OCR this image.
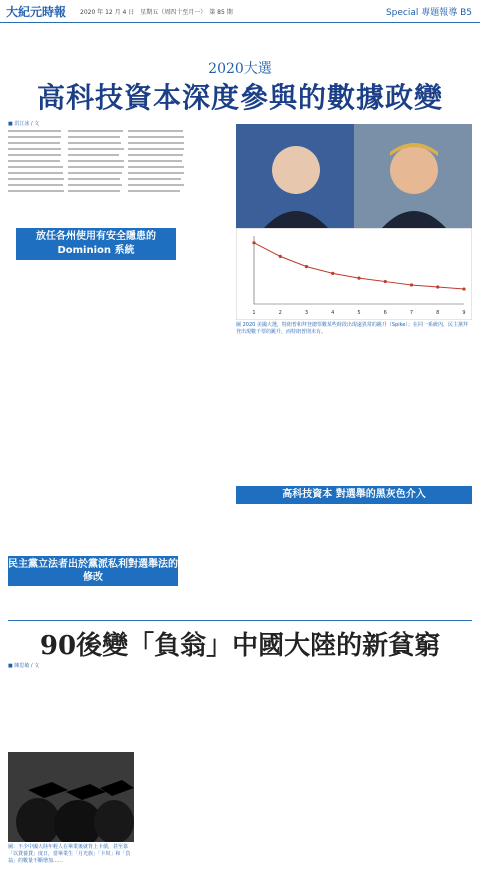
大紀元時報 2020 年 12 月 4 日　星期五（周四十至月一）　第 85 期	Special 專題報導 B5
2020大選
高科技資本深度參與的數據政變
■ 洪江冰 / 文
放任各州使用有安全隱患的 Dominion 系統
1	2	3	4	5	6	7	8	9
圖 2020 美國大選，特朗普和拜登總票數某些時段出現遠異常的跳升（Spike）；在同一系統內，民主黨拜登出現數千票的跳升，而特朗普則未有。
民主黨立法者出於黨派私利對選舉法的修改
高科技資本 對選舉的黑灰色介入
90後變「負翁」中國大陸的新貧窮
■ 陳思敏 / 文
圖：不少中國大陸年輕人在畢業後就背上卡債，甚至靠「以貸養貸」度日，當畢業生「月光族」「卡奴」和「負翁」的數量不斷增加……
